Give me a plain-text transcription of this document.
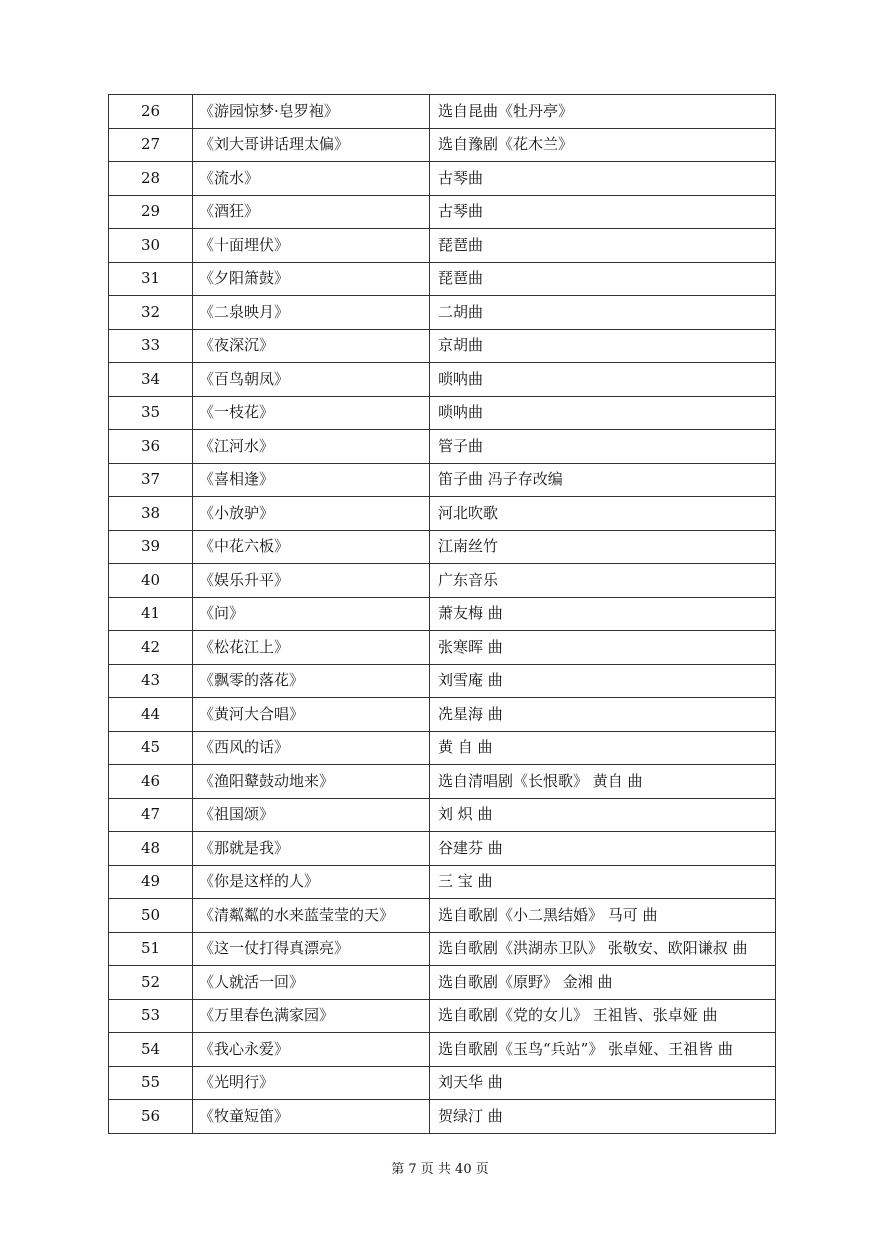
26	《游园惊梦·皂罗袍》	选自昆曲《牡丹亭》
27	《刘大哥讲话理太偏》	选自豫剧《花木兰》
28	《流水》	古琴曲
29	《酒狂》	古琴曲
30	《十面埋伏》	琵琶曲
31	《夕阳箫鼓》	琵琶曲
32	《二泉映月》	二胡曲
33	《夜深沉》	京胡曲
34	《百鸟朝凤》	唢呐曲
35	《一枝花》	唢呐曲
36	《江河水》	管子曲
37	《喜相逢》	笛子曲 冯子存改编
38	《小放驴》	河北吹歌
39	《中花六板》	江南丝竹
40	《娱乐升平》	广东音乐
41	《问》	萧友梅 曲
42	《松花江上》	张寒晖 曲
43	《飘零的落花》	刘雪庵 曲
44	《黄河大合唱》	冼星海 曲
45	《西风的话》	黄 自 曲
46	《渔阳鼙鼓动地来》	选自清唱剧《长恨歌》 黄自 曲
47	《祖国颂》	刘 炽 曲
48	《那就是我》	谷建芬 曲
49	《你是这样的人》	三 宝 曲
50	《清粼粼的水来蓝莹莹的天》	选自歌剧《小二黑结婚》 马可 曲
51	《这一仗打得真漂亮》	选自歌剧《洪湖赤卫队》 张敬安、欧阳谦叔 曲
52	《人就活一回》	选自歌剧《原野》 金湘 曲
53	《万里春色满家园》	选自歌剧《党的女儿》 王祖皆、张卓娅 曲
54	《我心永爱》	选自歌剧《玉鸟“兵站”》 张卓娅、王祖皆 曲
55	《光明行》	刘天华 曲
56	《牧童短笛》	贺绿汀 曲
第 7 页 共 40 页
